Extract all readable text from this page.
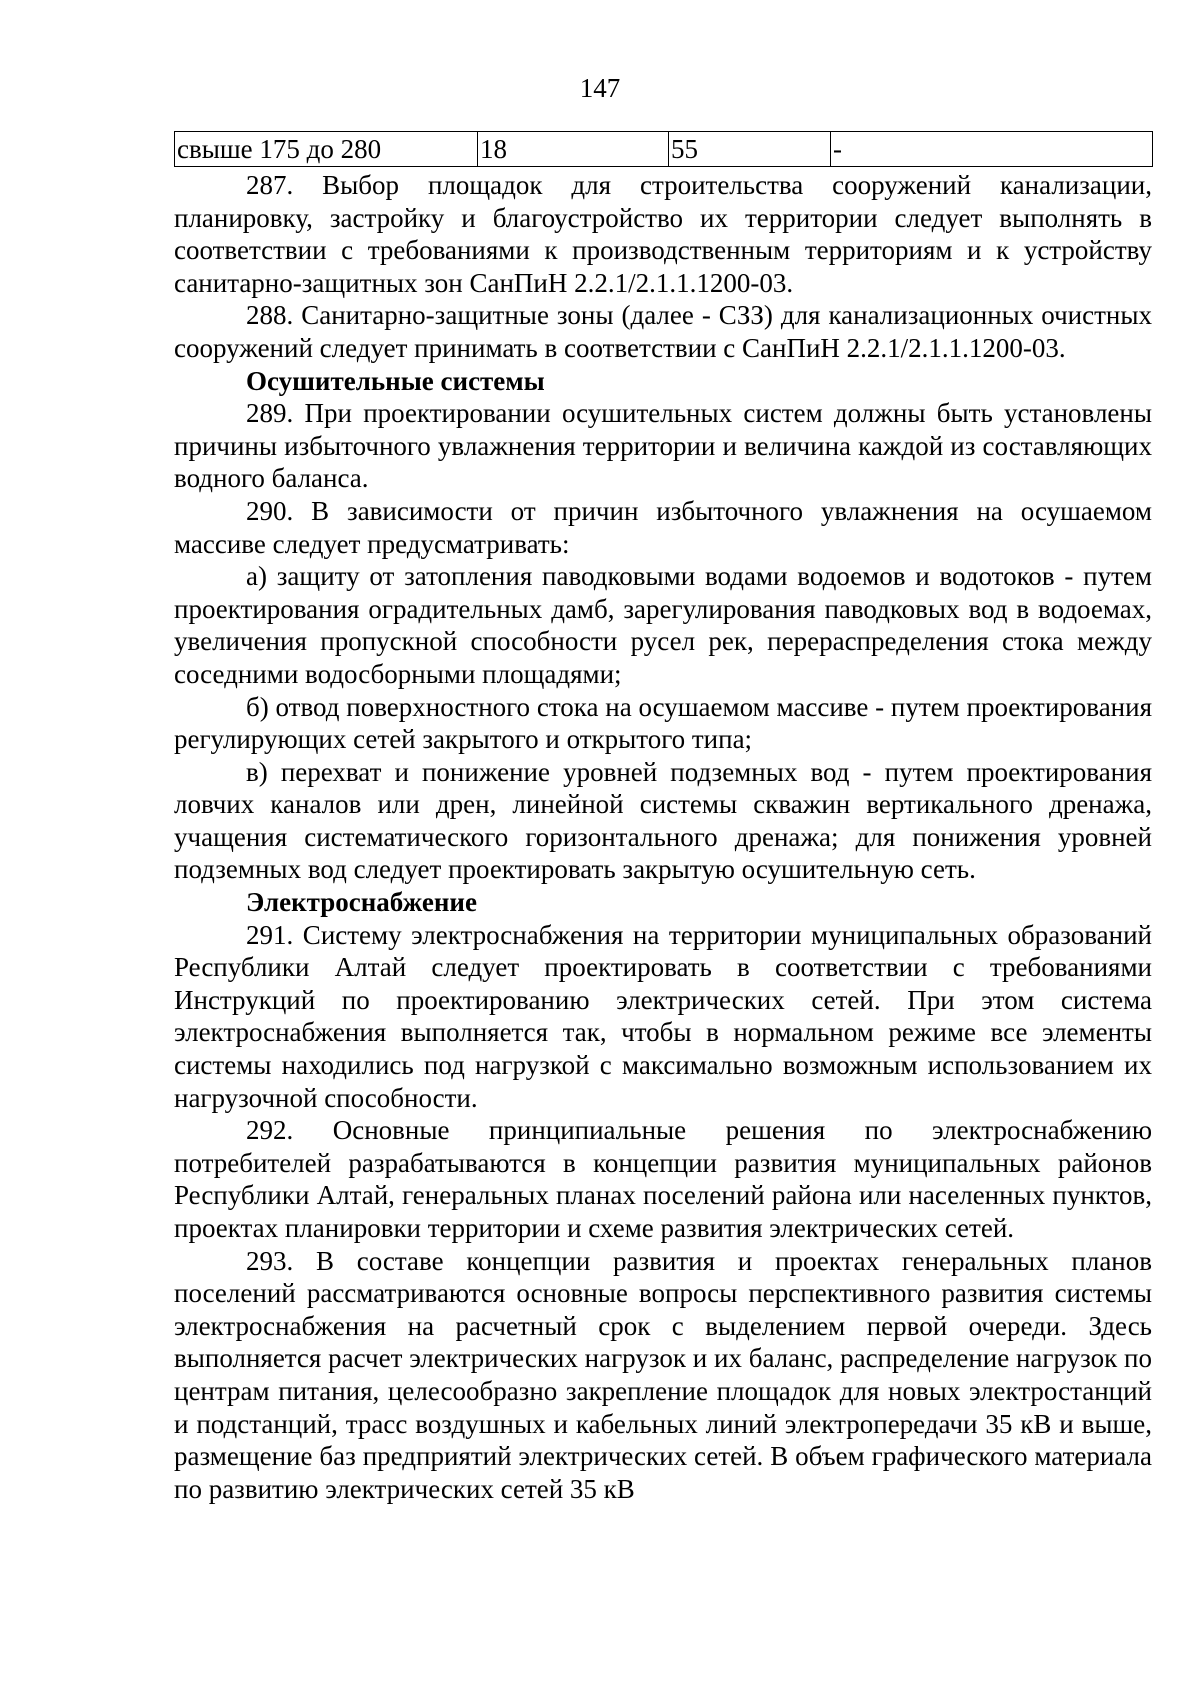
147
свыше 175 до 280	18	55	-

287. Выбор площадок для строительства сооружений канализации, планировку, застройку и благоустройство их территории следует выполнять в соответствии с требованиями к производственным территориям и к устройству санитарно-защитных зон СанПиН 2.2.1/2.1.1.1200-03.

288. Санитарно-защитные зоны (далее - СЗЗ) для канализационных очистных сооружений следует принимать в соответствии с СанПиН 2.2.1/2.1.1.1200-03.

Осушительные системы

289. При проектировании осушительных систем должны быть установлены причины избыточного увлажнения территории и величина каждой из составляющих водного баланса.

290. В зависимости от причин избыточного увлажнения на осушаемом массиве следует предусматривать:

а) защиту от затопления паводковыми водами водоемов и водотоков - путем проектирования оградительных дамб, зарегулирования паводковых вод в водоемах, увеличения пропускной способности русел рек, перераспределения стока между соседними водосборными площадями;

б) отвод поверхностного стока на осушаемом массиве - путем проектирования регулирующих сетей закрытого и открытого типа;

в) перехват и понижение уровней подземных вод - путем проектирования ловчих каналов или дрен, линейной системы скважин вертикального дренажа, учащения систематического горизонтального дренажа; для понижения уровней подземных вод следует проектировать закрытую осушительную сеть.

Электроснабжение

291. Систему электроснабжения на территории муниципальных образований Республики Алтай следует проектировать в соответствии с требованиями Инструкций по проектированию электрических сетей. При этом система электроснабжения выполняется так, чтобы в нормальном режиме все элементы системы находились под нагрузкой с максимально возможным использованием их нагрузочной способности.

292. Основные принципиальные решения по электроснабжению потребителей разрабатываются в концепции развития муниципальных районов Республики Алтай, генеральных планах поселений района или населенных пунктов, проектах планировки территории и схеме развития электрических сетей.

293. В составе концепции развития и проектах генеральных планов поселений рассматриваются основные вопросы перспективного развития системы электроснабжения на расчетный срок с выделением первой очереди. Здесь выполняется расчет электрических нагрузок и их баланс, распределение нагрузок по центрам питания, целесообразно закрепление площадок для новых электростанций и подстанций, трасс воздушных и кабельных линий электропередачи 35 кВ и выше, размещение баз предприятий электрических сетей. В объем графического материала по развитию электрических сетей 35 кВ
